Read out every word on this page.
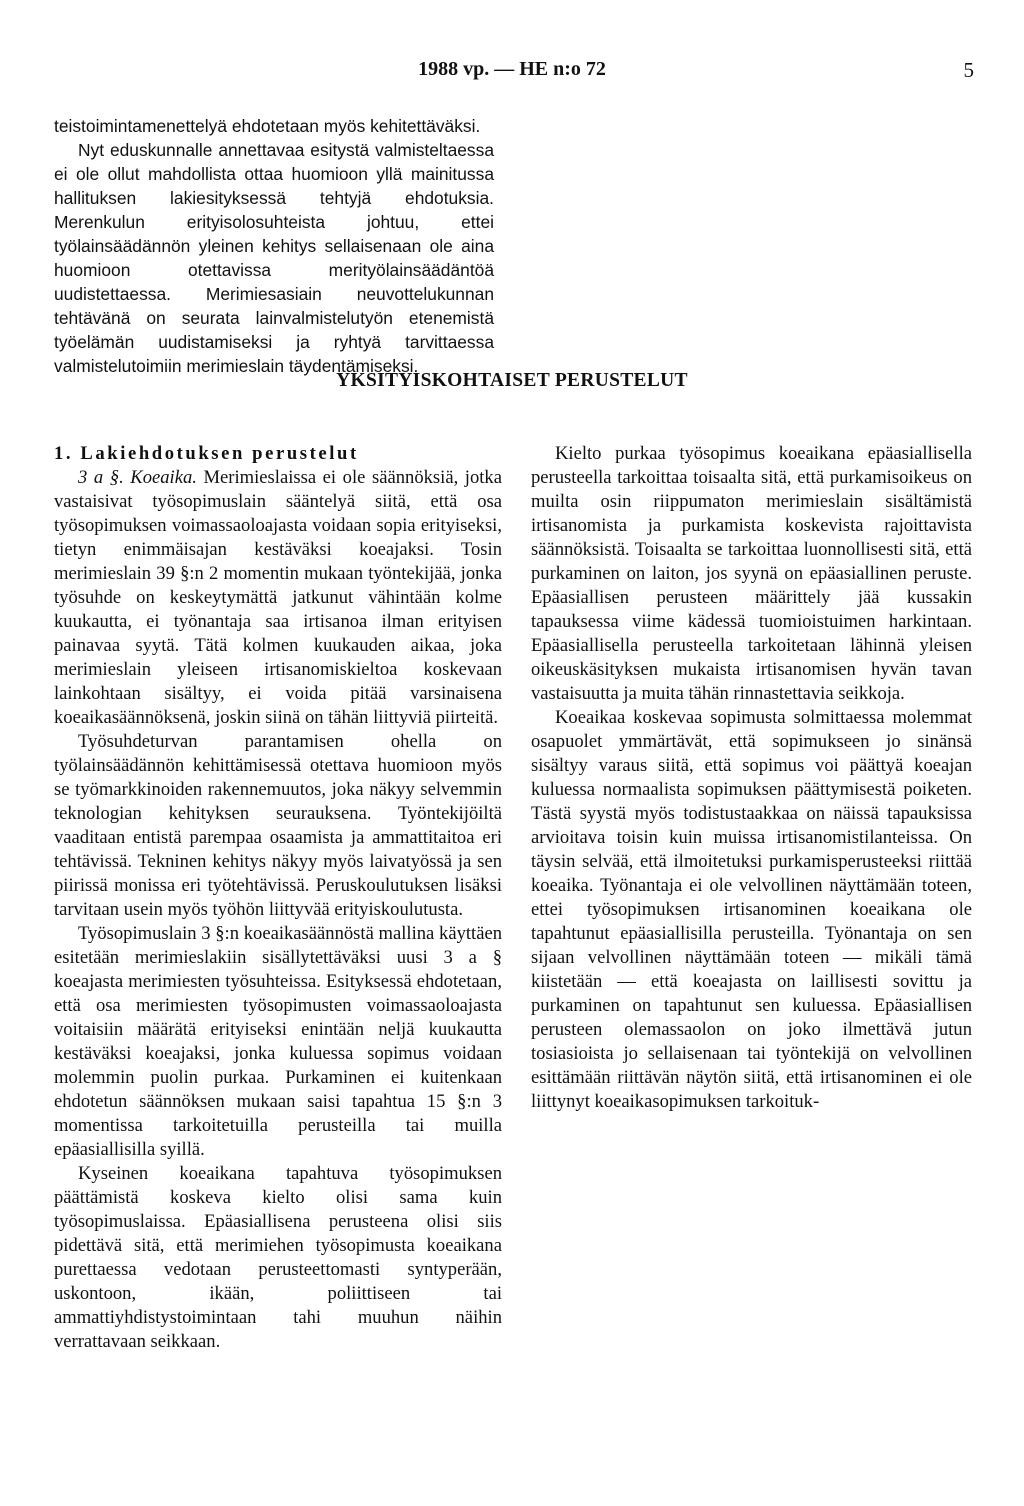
1988 vp. — HE n:o 72	5

teistoimintamenettelyä ehdotetaan myös kehitettäväksi.

Nyt eduskunnalle annettavaa esitystä valmisteltaessa ei ole ollut mahdollista ottaa huomioon yllä mainitussa hallituksen lakiesityksessä tehtyjä ehdotuksia. Merenkulun erityisolosuhteista johtuu, ettei työlainsäädännön yleinen kehitys sellaisenaan ole aina huomioon otettavissa merityölainsäädäntöä uudistettaessa. Merimiesasiain neuvottelukunnan tehtävänä on seurata lainvalmistelutyön etenemistä työelämän uudistamiseksi ja ryhtyä tarvittaessa valmistelutoimiin merimieslain täydentämiseksi.

YKSITYISKOHTAISET PERUSTELUT

1. Lakiehdotuksen perustelut

3 a §. Koeaika. Merimieslaissa ei ole säännöksiä, jotka vastaisivat työsopimuslain sääntelyä siitä, että osa työsopimuksen voimassaoloajasta voidaan sopia erityiseksi, tietyn enimmäisajan kestäväksi koeajaksi. Tosin merimieslain 39 §:n 2 momentin mukaan työntekijää, jonka työsuhde on keskeytymättä jatkunut vähintään kolme kuukautta, ei työnantaja saa irtisanoa ilman erityisen painavaa syytä. Tätä kolmen kuukauden aikaa, joka merimieslain yleiseen irtisanomiskieltoa koskevaan lainkohtaan sisältyy, ei voida pitää varsinaisena koeaikasäännöksenä, joskin siinä on tähän liittyviä piirteitä.

Työsuhdeturvan parantamisen ohella on työlainsäädännön kehittämisessä otettava huomioon myös se työmarkkinoiden rakennemuutos, joka näkyy selvemmin teknologian kehityksen seurauksena. Työntekijöiltä vaaditaan entistä parempaa osaamista ja ammattitaitoa eri tehtävissä. Tekninen kehitys näkyy myös laivatyössä ja sen piirissä monissa eri työtehtävissä. Peruskoulutuksen lisäksi tarvitaan usein myös työhön liittyvää erityiskoulutusta.

Työsopimuslain 3 §:n koeaikasäännöstä mallina käyttäen esitetään merimieslakiin sisällytettäväksi uusi 3 a § koeajasta merimiesten työsuhteissa. Esityksessä ehdotetaan, että osa merimiesten työsopimusten voimassaoloajasta voitaisiin määrätä erityiseksi enintään neljä kuukautta kestäväksi koeajaksi, jonka kuluessa sopimus voidaan molemmin puolin purkaa. Purkaminen ei kuitenkaan ehdotetun säännöksen mukaan saisi tapahtua 15 §:n 3 momentissa tarkoitetuilla perusteilla tai muilla epäasiallisilla syillä.

Kyseinen koeaikana tapahtuva työsopimuksen päättämistä koskeva kielto olisi sama kuin työsopimuslaissa. Epäasiallisena perusteena olisi siis pidettävä sitä, että merimiehen työsopimusta koeaikana purettaessa vedotaan perusteettomasti syntyperään, uskontoon, ikään, poliittiseen tai ammattiyhdistystoimintaan tahi muuhun näihin verrattavaan seikkaan.

Kielto purkaa työsopimus koeaikana epäasiallisella perusteella tarkoittaa toisaalta sitä, että purkamisoikeus on muilta osin riippumaton merimieslain sisältämistä irtisanomista ja purkamista koskevista rajoittavista säännöksistä. Toisaalta se tarkoittaa luonnollisesti sitä, että purkaminen on laiton, jos syynä on epäasiallinen peruste. Epäasiallisen perusteen määrittely jää kussakin tapauksessa viime kädessä tuomioistuimen harkintaan. Epäasiallisella perusteella tarkoitetaan lähinnä yleisen oikeuskäsityksen mukaista irtisanomisen hyvän tavan vastaisuutta ja muita tähän rinnastettavia seikkoja.

Koeaikaa koskevaa sopimusta solmittaessa molemmat osapuolet ymmärtävät, että sopimukseen jo sinänsä sisältyy varaus siitä, että sopimus voi päättyä koeajan kuluessa normaalista sopimuksen päättymisestä poiketen. Tästä syystä myös todistustaakkaa on näissä tapauksissa arvioitava toisin kuin muissa irtisanomistilanteissa. On täysin selvää, että ilmoitetuksi purkamisperusteeksi riittää koeaika. Työnantaja ei ole velvollinen näyttämään toteen, ettei työsopimuksen irtisanominen koeaikana ole tapahtunut epäasiallisilla perusteilla. Työnantaja on sen sijaan velvollinen näyttämään toteen — mikäli tämä kiistetään — että koeajasta on laillisesti sovittu ja purkaminen on tapahtunut sen kuluessa. Epäasiallisen perusteen olemassaolon on joko ilmettävä jutun tosiasioista jo sellaisenaan tai työntekijä on velvollinen esittämään riittävän näytön siitä, että irtisanominen ei ole liittynyt koeaikasopimuksen tarkoituk-
